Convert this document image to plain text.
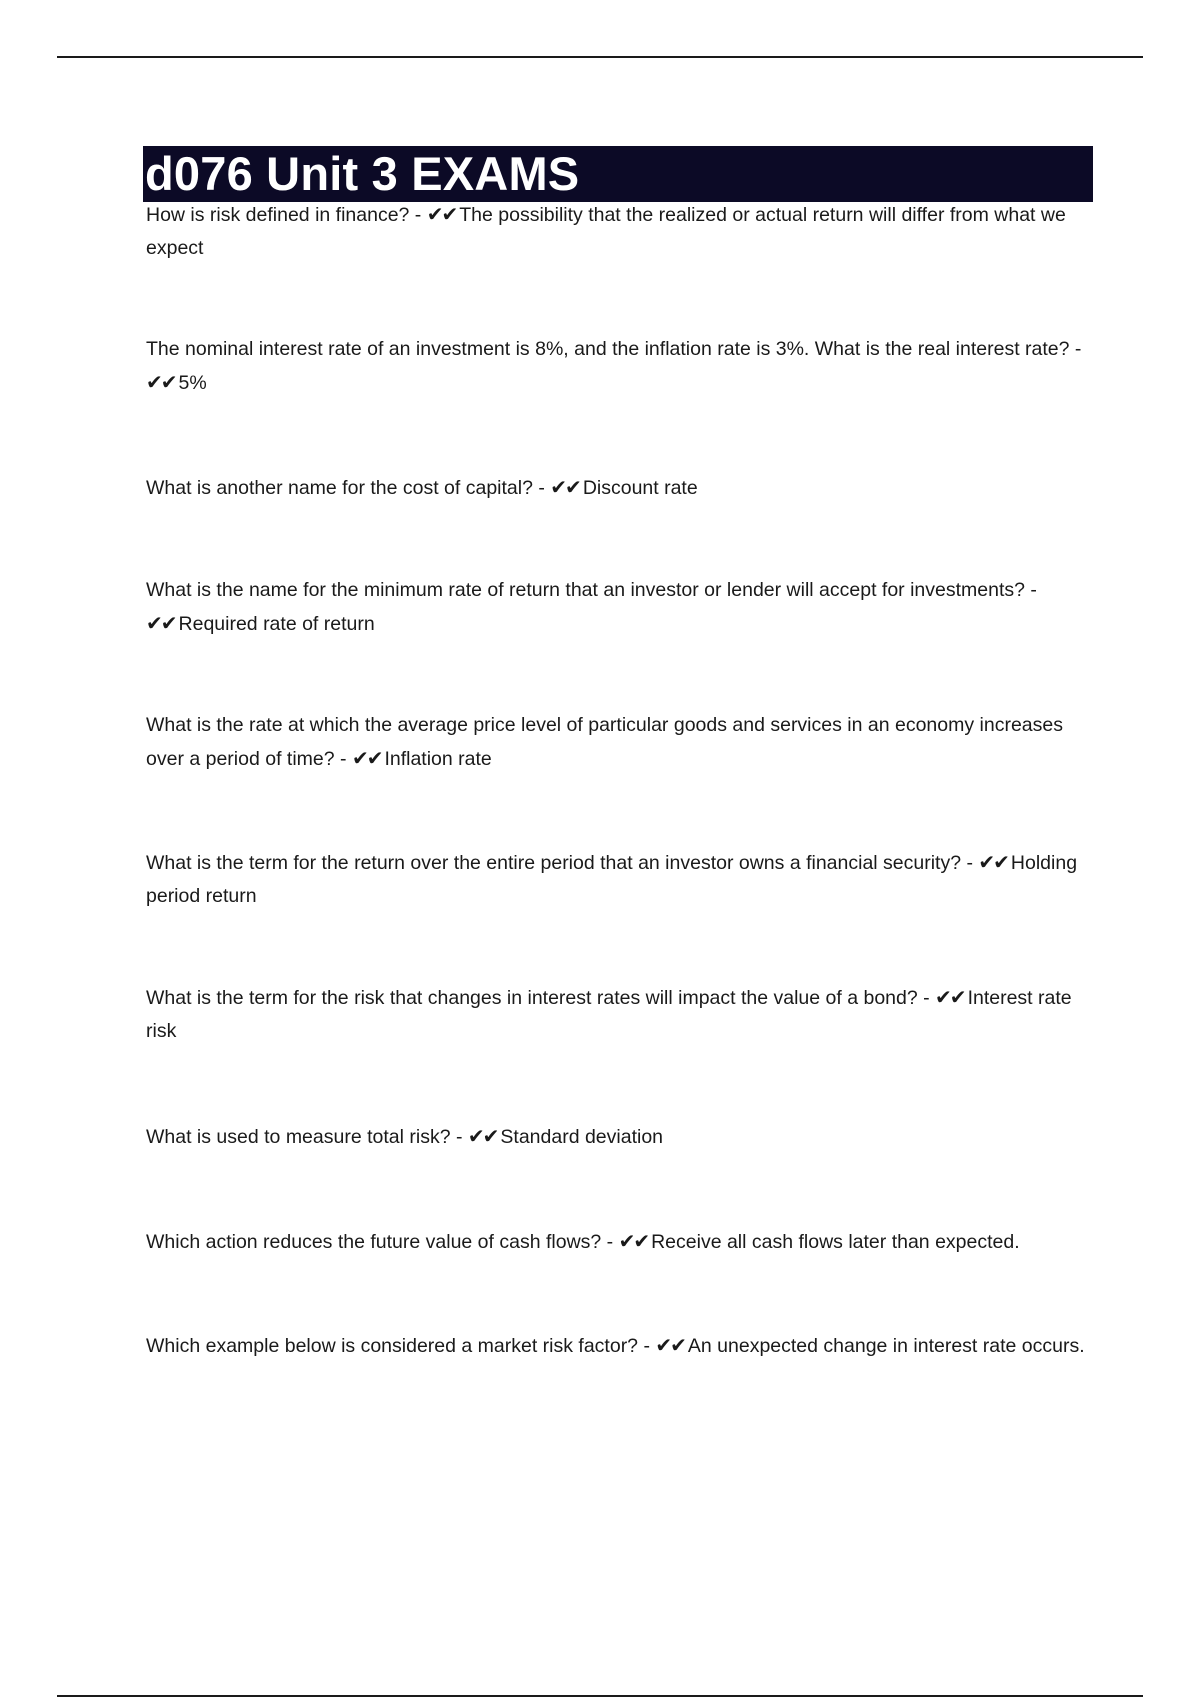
d076 Unit 3 EXAMS

How is risk defined in finance? - ✔✔ The possibility that the realized or actual return will differ from what we expect

The nominal interest rate of an investment is 8%, and the inflation rate is 3%. What is the real interest rate? - ✔✔ 5%

What is another name for the cost of capital? - ✔✔ Discount rate

What is the name for the minimum rate of return that an investor or lender will accept for investments? - ✔✔ Required rate of return

What is the rate at which the average price level of particular goods and services in an economy increases over a period of time? - ✔✔ Inflation rate

What is the term for the return over the entire period that an investor owns a financial security? - ✔✔ Holding period return

What is the term for the risk that changes in interest rates will impact the value of a bond? - ✔✔ Interest rate risk

What is used to measure total risk? - ✔✔ Standard deviation

Which action reduces the future value of cash flows? - ✔✔ Receive all cash flows later than expected.

Which example below is considered a market risk factor? - ✔✔ An unexpected change in interest rate occurs.
